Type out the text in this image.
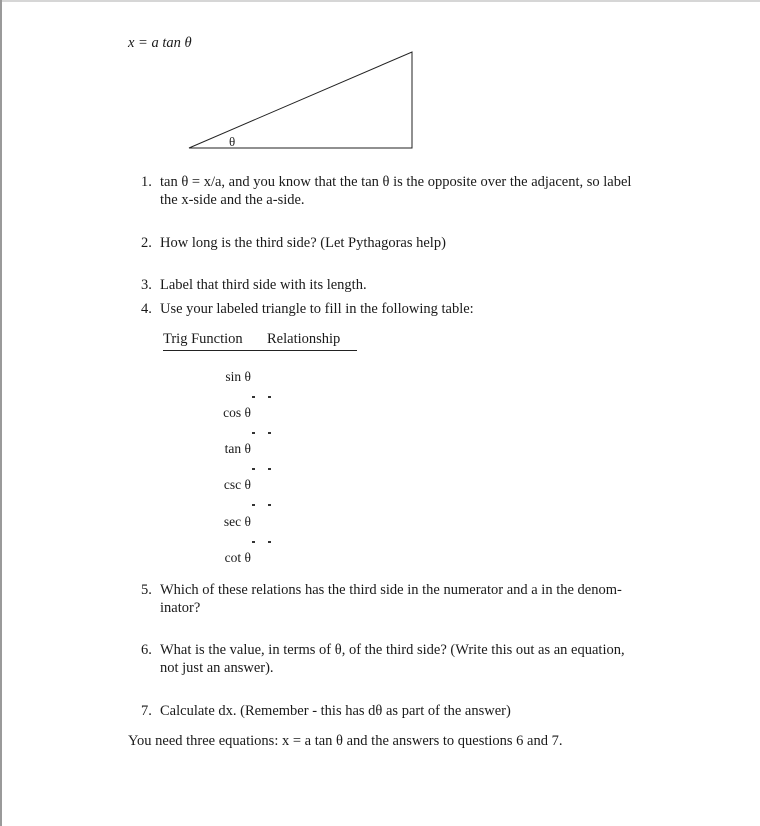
x = a tan θ
θ
1. tan θ = x/a, and you know that the tan θ is the opposite over the adjacent, so label
the x-side and the a-side.
2. How long is the third side? (Let Pythagoras help)
3. Label that third side with its length.
4. Use your labeled triangle to fill in the following table:
Trig Function Relationship
sin θ
cos θ
tan θ
csc θ
sec θ
cot θ
5. Which of these relations has the third side in the numerator and a in the denom-
inator?
6. What is the value, in terms of θ, of the third side? (Write this out as an equation,
not just an answer).
7. Calculate dx. (Remember - this has dθ as part of the answer)
You need three equations: x = a tan θ and the answers to questions 6 and 7.
